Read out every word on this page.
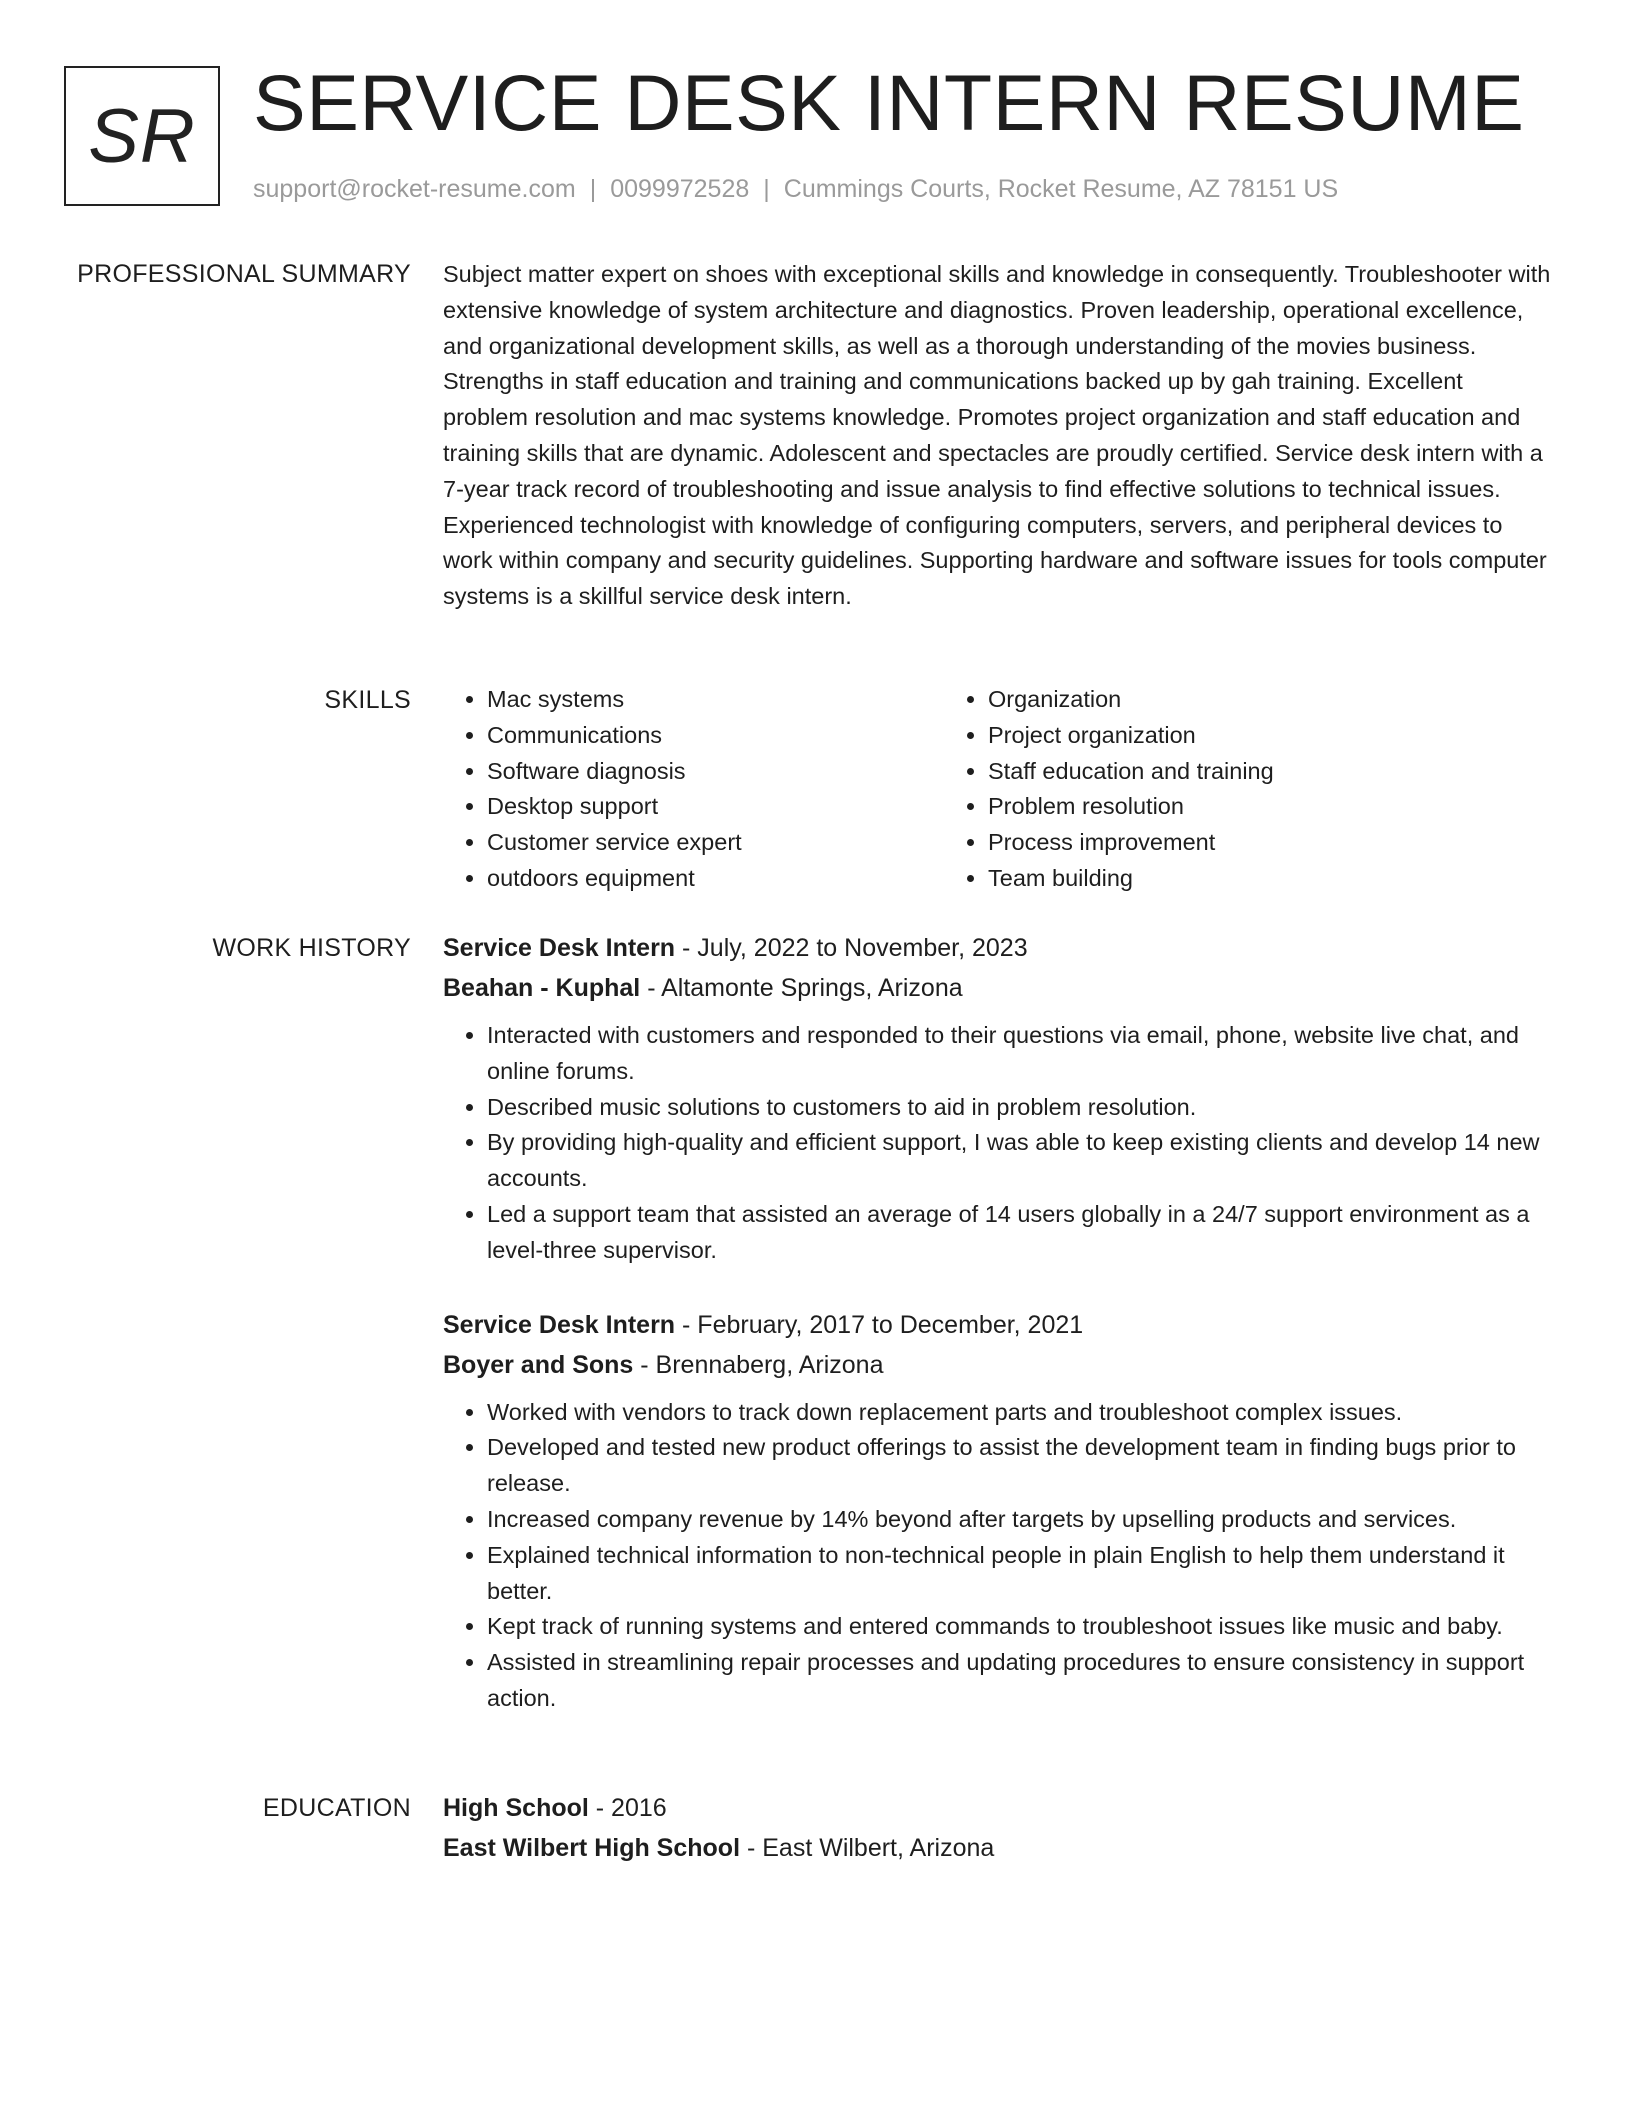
SR SERVICE DESK INTERN RESUME
support@rocket-resume.com | 0099972528 | Cummings Courts, Rocket Resume, AZ 78151 US
PROFESSIONAL SUMMARY Subject matter expert on shoes with exceptional skills and knowledge in consequently. Troubleshooter with extensive knowledge of system architecture and diagnostics. Proven leadership, operational excellence, and organizational development skills, as well as a thorough understanding of the movies business. Strengths in staff education and training and communications backed up by gah training. Excellent problem resolution and mac systems knowledge. Promotes project organization and staff education and training skills that are dynamic. Adolescent and spectacles are proudly certified. Service desk intern with a 7-year track record of troubleshooting and issue analysis to find effective solutions to technical issues. Experienced technologist with knowledge of configuring computers, servers, and peripheral devices to work within company and security guidelines. Supporting hardware and software issues for tools computer systems is a skillful service desk intern.

SKILLS
•	Mac systems
• Communications
• Software diagnosis
• Desktop support
• Customer service expert
• outdoors equipment
• Organization
• Project organization
• Staff education and training
• Problem resolution
• Process improvement
• Team building
WORK HISTORY Service Desk Intern - July, 2022 to November, 2023
Beahan - Kuphal - Altamonte Springs, Arizona
• Interacted with customers and responded to their questions via email, phone, website live chat, and online forums.
• Described music solutions to customers to aid in problem resolution.
• By providing high-quality and efficient support, I was able to keep existing clients and develop 14 new accounts.
• Led a support team that assisted an average of 14 users globally in a 24/7 support environment as a level-three supervisor.
Service Desk Intern - February, 2017 to December, 2021
Boyer and Sons - Brennaberg, Arizona
• Worked with vendors to track down replacement parts and troubleshoot complex issues.
• Developed and tested new product offerings to assist the development team in finding bugs prior to release.
• Increased company revenue by 14% beyond after targets by upselling products and services.
• Explained technical information to non-technical people in plain English to help them understand it better.
• Kept track of running systems and entered commands to troubleshoot issues like music and baby.
• Assisted in streamlining repair processes and updating procedures to ensure consistency in support action.
EDUCATION High School - 2016
East Wilbert High School - East Wilbert, Arizona
